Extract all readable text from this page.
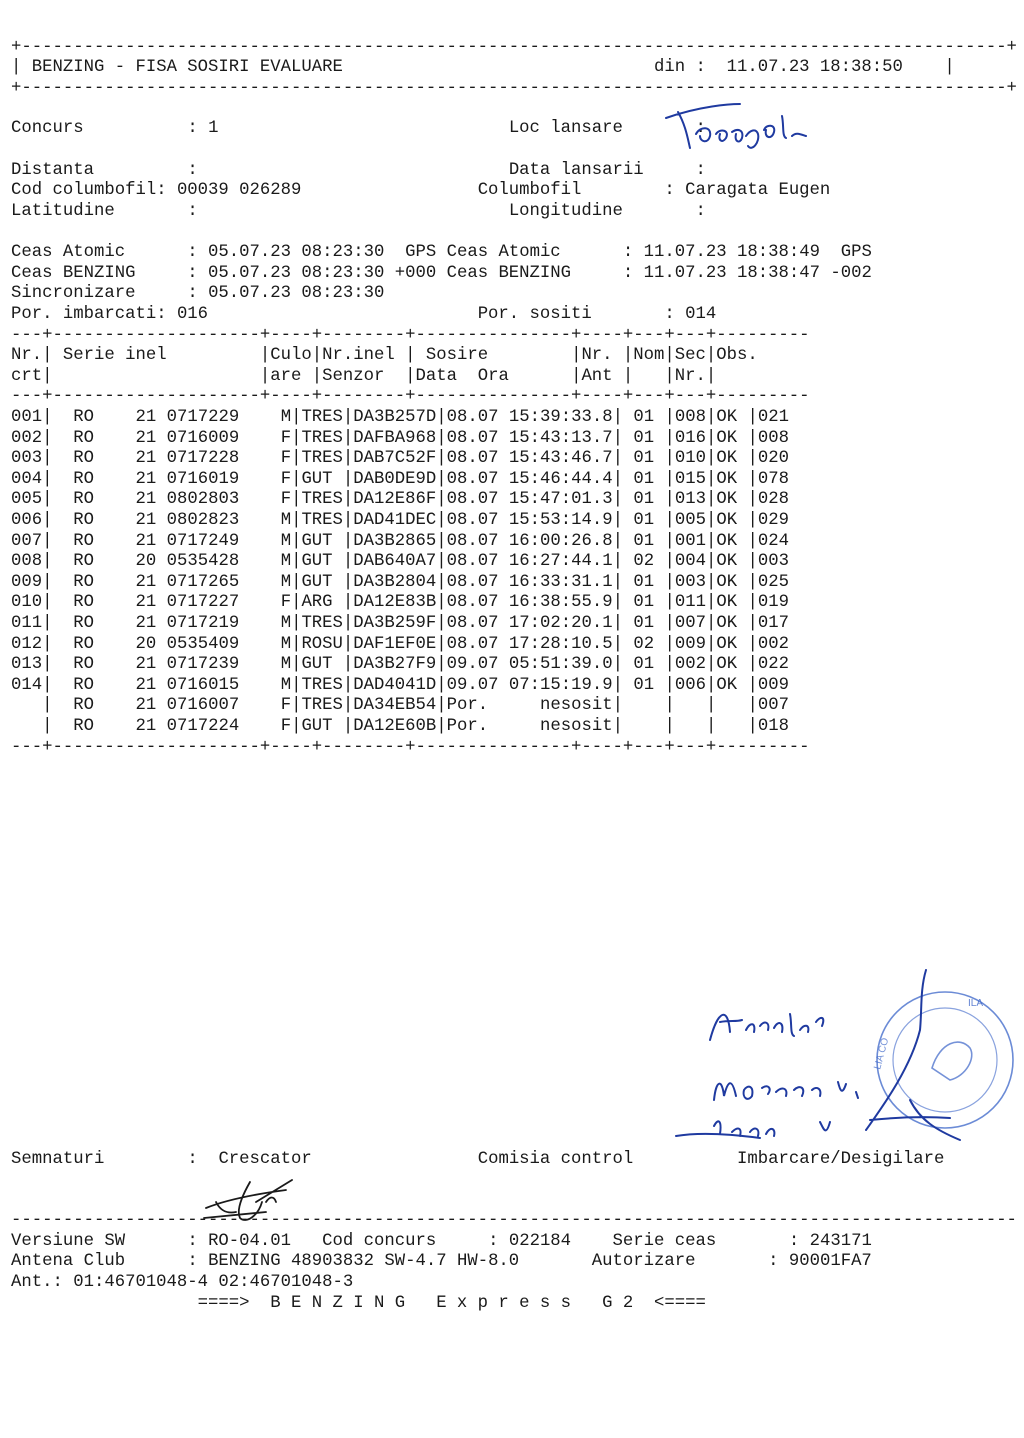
+-----------------------------------------------------------------------------------------------+
| BENZING - FISA SOSIRI EVALUARE                              din : 11.07.23 18:38:50    |
+-----------------------------------------------------------------------------------------------+
Concurs          : 1                            Loc lansare       :
Distanta         :	Data lansarii     :
Cod columbofil: 00039 026289                 Columbofil        : Caragata Eugen
Latitudine       :	Longitudine       :
Ceas Atomic      : 05.07.23 08:23:30 GPS Ceas Atomic      : 11.07.23 18:38:49 GPS
Ceas BENZING     : 05.07.23 08:23:30 +000 Ceas BENZING     : 11.07.23 18:38:47 -002
Sincronizare     : 05.07.23 08:23:30
Por. imbarcati: 016                          Por. sositi       : 014
---+--------------------+----+--------+---------------+----+---+---+---------
Nr.| Serie inel         |Culo|Nr.inel | Sosire        |Nr. |Nom|Sec|Obs.
crt|	|are |Senzor  |Data  Ora      |Ant | |Nr.|
---+--------------------+----+--------+---------------+----+---+---+---------
001|  RO 21 0717229 M|TRES|DA3B257D|08.07 15:39:33.8| 01 |008|OK |021
002|  RO 21 0716009 F|TRES|DAFBA968|08.07 15:43:13.7| 01 |016|OK |008
003|  RO 21 0717228 F|TRES|DAB7C52F|08.07 15:43:46.7| 01 |010|OK |020
004|  RO 21 0716019 F|GUT |DAB0DE9D|08.07 15:46:44.4| 01 |015|OK |078
005|  RO 21 0802803 F|TRES|DA12E86F|08.07 15:47:01.3| 01 |013|OK |028
006|  RO 21 0802823 M|TRES|DAD41DEC|08.07 15:53:14.9| 01 |005|OK |029
007|  RO 21 0717249 M|GUT |DA3B2865|08.07 16:00:26.8| 01 |001|OK |024
008|  RO 20 0535428 M|GUT |DAB640A7|08.07 16:27:44.1| 02 |004|OK |003
009|  RO 21 0717265 M|GUT |DA3B2804|08.07 16:33:31.1| 01 |003|OK |025
010|  RO 21 0717227 F|ARG |DA12E83B|08.07 16:38:55.9| 01 |011|OK |019
011|  RO 21 0717219 M|TRES|DA3B259F|08.07 17:02:20.1| 01 |007|OK |017
012|  RO 20 0535409 M|ROSU|DAF1EF0E|08.07 17:28:10.5| 02 |009|OK |002
013|  RO 21 0717239 M|GUT |DA3B27F9|09.07 05:51:39.0| 01 |002|OK |022
014|  RO 21 0716015 M|TRES|DAD4041D|09.07 07:15:19.9| 01 |006|OK |009
|  RO 21 0716007 F|TRES|DA34EB54|Por.     nesosit|    | | |007
|  RO 21 0717224 F|GUT |DA12E60B|Por.     nesosit|    | | |018
---+--------------------+----+--------+---------------+----+---+---+---------
Semnaturi        :  Crescator                Comisia control          Imbarcare/Desigilare
-------------------------------------------------------------------------------------------------
Versiune SW      : RO-04.01   Cod concurs     : 022184    Serie ceas       : 243171
Antena Club      : BENZING 48903832 SW-4.7 HW-8.0       Autorizare       : 90001FA7
Ant.: 01:46701048-4 02:46701048-3
====>  B E N Z I N G   E x p r e s s   G 2  <====
ILA
LIA CO
